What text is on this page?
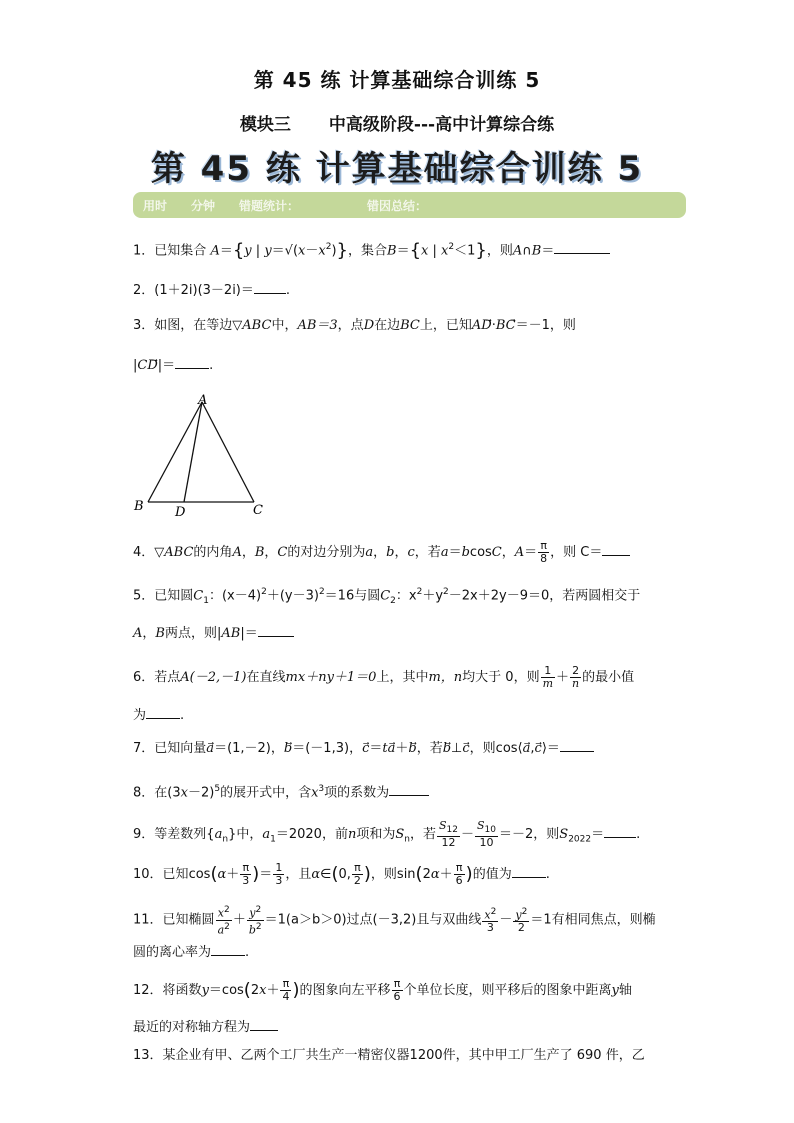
第 45 练 计算基础综合训练 5
模块三 中高级阶段---高中计算综合练
第 45 练 计算基础综合训练 5
用时 分钟 错题统计：	错因总结：
1．已知集合 A＝{y | $y=√(x-x^2)$}，集合B＝{x | $x^2<1$}，则A∩B＝
2．(1＋2i)(3－2i)＝ .
3．如图，在等边▽ABC中，AB＝3，点D在边BC上，已知AD⃗·BC＝－1，则
|CD⃗|＝	.
A
B	C
D
4．▽ABC的内角A，B，C的对边分别为a，b，c，若a＝bcosC，$A= \frac{\pi}{8}$ ，则 C＝
5．已知圆$C_1$：$(x-4)^2+(y-3)^2=16$与圆$C_2$：$x^2+y^2-2x+2y-9=0$，若两圆相交于
A，B两点，则|AB|＝
6．若点A(－2,－1)在直线mx＋ny＋1＝0上，其中m，n均大于 0，则 $\frac{1}{m} + \frac{2}{n}$ 的最小值
为	.
7．已知向量a＝(1,－2)，b＝(－1,3)，c⃗＝ta⃗＋b，若b⃗⊥c，则cos⟨a⃗,c⃗⟩＝
8．在$(3x-2)^5$的展开式中，含$x^3$项的系数为
9．等差数列$\{a_n\}$中，$a_1=2020$，前n项和为$S_n$，若 $\frac{S_{12}}{12} - \frac{S_{10}}{10} =-2$，则$S_{2022}=$ .
10．已知$\cos(\alpha+ \frac{\pi}{3}$ )＝ $\frac{1}{3}$ ，且α∈(0, $\frac{\pi}{2}$ )，则$\sin(2\alpha+ \frac{\pi}{6}$ )的值为	.
11．已知椭圆 $\frac{x^2}{a^2} + \frac{y^2}{b^2} =1(a>b>0)$过点(－3,2)且与双曲线 $\frac{x^2}{3} - \frac{y^2}{2} =1$有相同焦点，则椭
圆的离心率为	.
12．将函数$y=\cos(2x+ \frac{\pi}{4}$ )的图象向左平移 $\frac{\pi}{6}$ 个单位长度，则平移后的图象中距离y轴
最近的对称轴方程为
13．某企业有甲、乙两个工厂共生产一精密仪器1200件，其中甲工厂生产了 690 件，乙
